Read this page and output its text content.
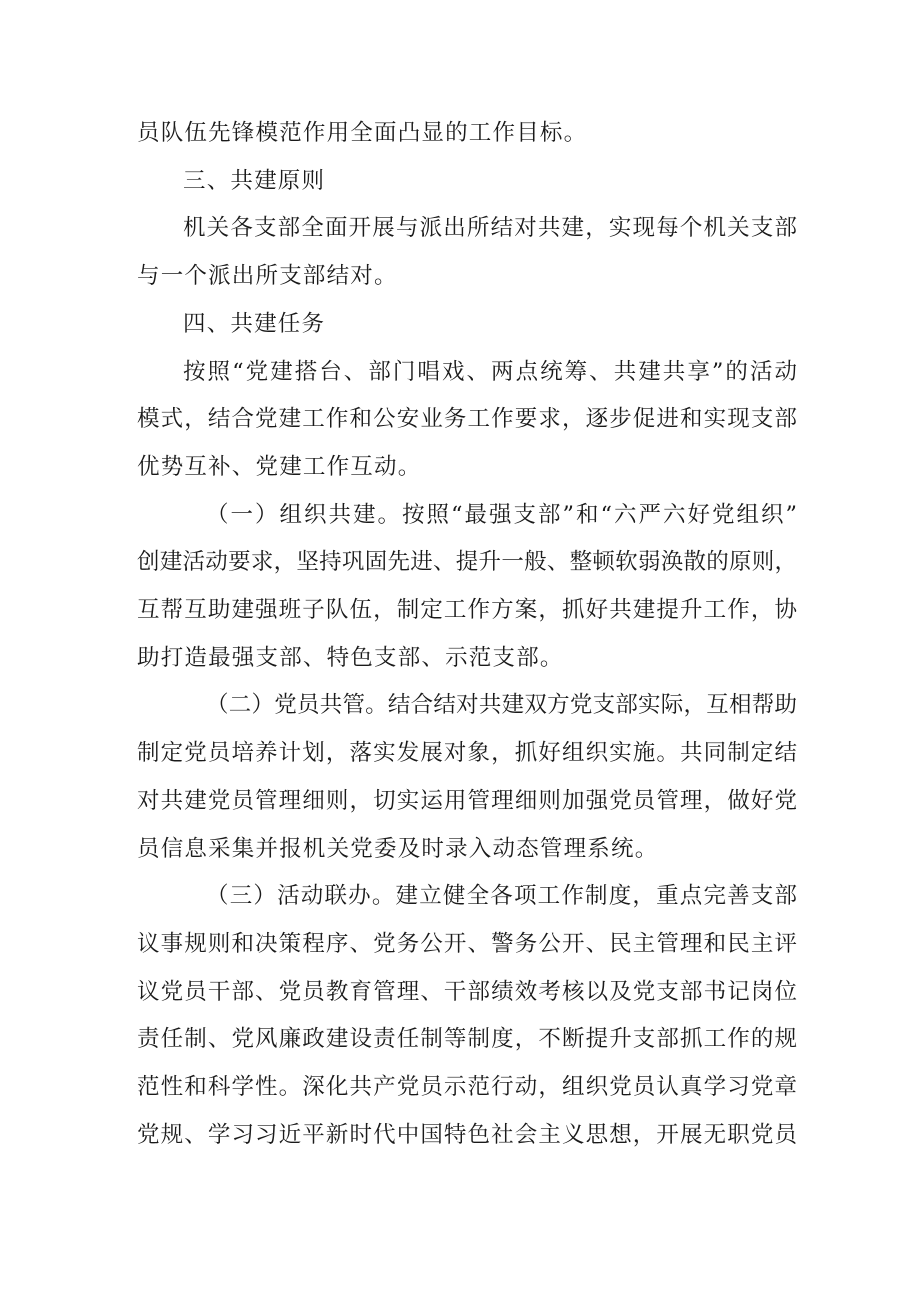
员队伍先锋模范作用全面凸显的工作目标。
三、共建原则
机关各支部全面开展与派出所结对共建，实现每个机关支部
与一个派出所支部结对。
四、共建任务
按照“党建搭台、部门唱戏、两点统筹、共建共享”的活动
模式，结合党建工作和公安业务工作要求，逐步促进和实现支部
优势互补、党建工作互动。
（一）组织共建。按照“最强支部”和“六严六好党组织”
创建活动要求，坚持巩固先进、提升一般、整顿软弱涣散的原则，
互帮互助建强班子队伍，制定工作方案，抓好共建提升工作，协
助打造最强支部、特色支部、示范支部。
（二）党员共管。结合结对共建双方党支部实际，互相帮助
制定党员培养计划，落实发展对象，抓好组织实施。共同制定结
对共建党员管理细则，切实运用管理细则加强党员管理，做好党
员信息采集并报机关党委及时录入动态管理系统。
（三）活动联办。建立健全各项工作制度，重点完善支部
议事规则和决策程序、党务公开、警务公开、民主管理和民主评
议党员干部、党员教育管理、干部绩效考核以及党支部书记岗位
责任制、党风廉政建设责任制等制度，不断提升支部抓工作的规
范性和科学性。深化共产党员示范行动，组织党员认真学习党章
党规、学习习近平新时代中国特色社会主义思想，开展无职党员
